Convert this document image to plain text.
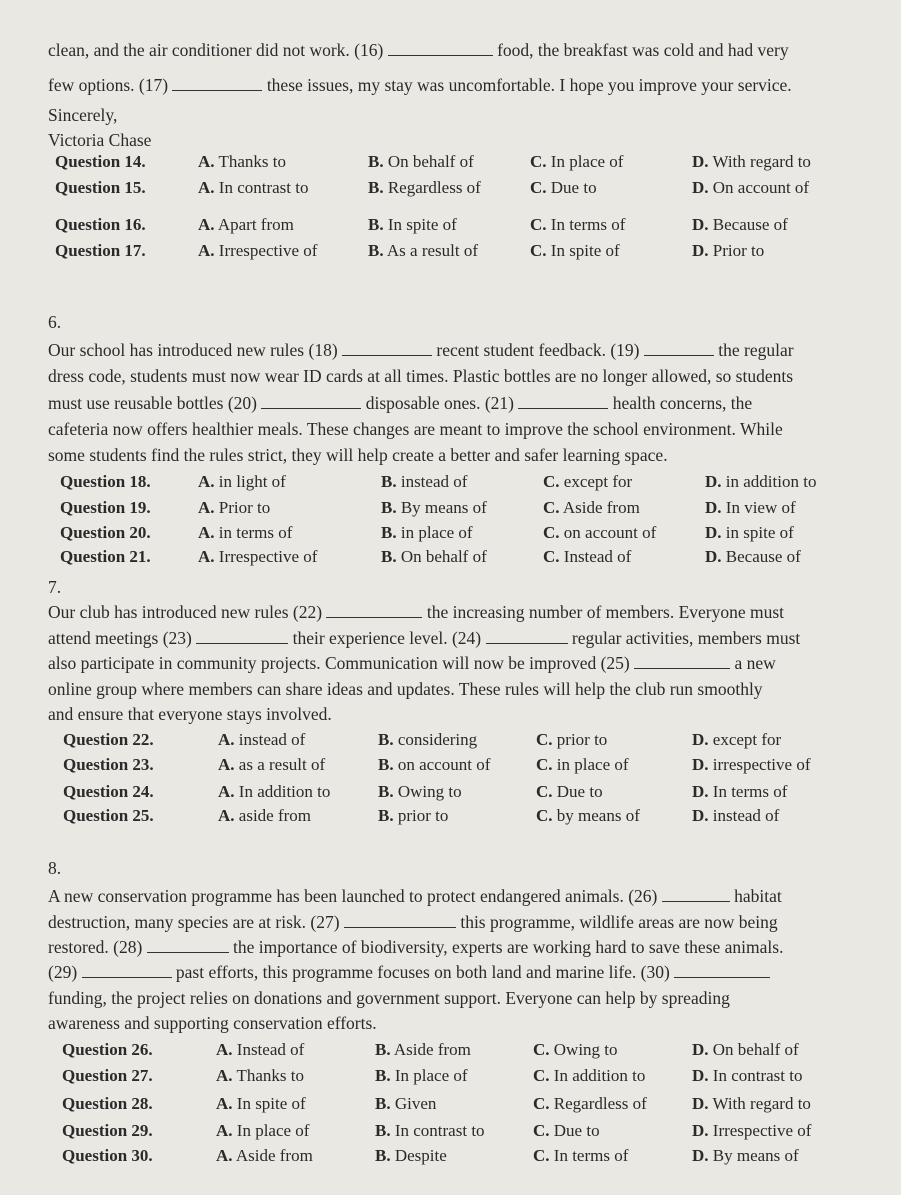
clean, and the air conditioner did not work. (16)	food, the breakfast was cold and had very
few options. (17)	these issues, my stay was uncomfortable. I hope you improve your service.
Sincerely,
Victoria Chase
Question 14.	A. Thanks to	B. On behalf of	C. In place of	D. With regard to
Question 15.	A. In contrast to	B. Regardless of	C. Due to	D. On account of
Question 16.	A. Apart from	B. In spite of	C. In terms of	D. Because of
Question 17.	A. Irrespective of	B. As a result of	C. In spite of	D. Prior to
6.
Our school has introduced new rules (18)	recent student feedback. (19)	the regular
dress code, students must now wear ID cards at all times. Plastic bottles are no longer allowed, so students
must use reusable bottles (20)	disposable ones. (21)	health concerns, the
cafeteria now offers healthier meals. These changes are meant to improve the school environment. While
some students find the rules strict, they will help create a better and safer learning space.
Question 18.	A. in light of	B. instead of	C. except for	D. in addition to
Question 19.	A. Prior to	B. By means of	C. Aside from	D. In view of
Question 20.	A. in terms of	B. in place of	C. on account of	D. in spite of
Question 21.	A. Irrespective of	B. On behalf of	C. Instead of	D. Because of
7.
Our club has introduced new rules (22)	the increasing number of members. Everyone must
attend meetings (23)	their experience level. (24)	regular activities, members must
also participate in community projects. Communication will now be improved (25)	a new
online group where members can share ideas and updates. These rules will help the club run smoothly
and ensure that everyone stays involved.
Question 22.	A. instead of	B. considering	C. prior to	D. except for
Question 23.	A. as a result of	B. on account of	C. in place of	D. irrespective of
Question 24.	A. In addition to	B. Owing to	C. Due to	D. In terms of
Question 25.	A. aside from	B. prior to	C. by means of	D. instead of
8.
A new conservation programme has been launched to protect endangered animals. (26)	habitat
destruction, many species are at risk. (27)	this programme, wildlife areas are now being
restored. (28)	the importance of biodiversity, experts are working hard to save these animals.
(29)	past efforts, this programme focuses on both land and marine life. (30)
funding, the project relies on donations and government support. Everyone can help by spreading
awareness and supporting conservation efforts.
Question 26.	A. Instead of	B. Aside from	C. Owing to	D. On behalf of
Question 27.	A. Thanks to	B. In place of	C. In addition to	D. In contrast to
Question 28.	A. In spite of	B. Given	C. Regardless of	D. With regard to
Question 29.	A. In place of	B. In contrast to	C. Due to	D. Irrespective of
Question 30.	A. Aside from	B. Despite	C. In terms of	D. By means of
